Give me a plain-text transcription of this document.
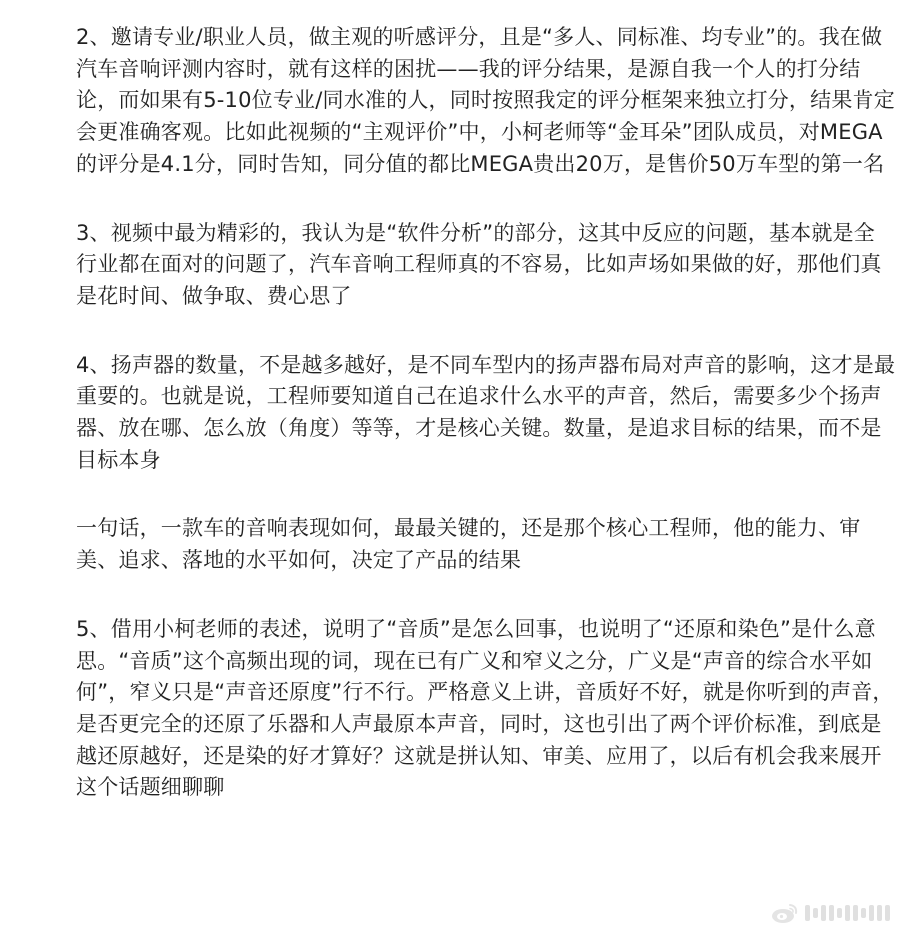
2、邀请专业/职业人员，做主观的听感评分，且是“多人、同标准、均专业”的。我在做汽车音响评测内容时，就有这样的困扰——我的评分结果，是源自我一个人的打分结论，而如果有5-10位专业/同水准的人，同时按照我定的评分框架来独立打分，结果肯定会更准确客观。比如此视频的“主观评价”中，小柯老师等“金耳朵”团队成员，对MEGA的评分是4.1分，同时告知，同分值的都比MEGA贵出20万，是售价50万车型的第一名

3、视频中最为精彩的，我认为是“软件分析”的部分，这其中反应的问题，基本就是全行业都在面对的问题了，汽车音响工程师真的不容易，比如声场如果做的好，那他们真是花时间、做争取、费心思了

4、扬声器的数量，不是越多越好，是不同车型内的扬声器布局对声音的影响，这才是最重要的。也就是说，工程师要知道自己在追求什么水平的声音，然后，需要多少个扬声器、放在哪、怎么放（角度）等等，才是核心关键。数量，是追求目标的结果，而不是目标本身

一句话，一款车的音响表现如何，最最关键的，还是那个核心工程师，他的能力、审美、追求、落地的水平如何，决定了产品的结果

5、借用小柯老师的表述，说明了“音质”是怎么回事，也说明了“还原和染色”是什么意思。“音质”这个高频出现的词，现在已有广义和窄义之分，广义是“声音的综合水平如何”，窄义只是“声音还原度”行不行。严格意义上讲，音质好不好，就是你听到的声音，是否更完全的还原了乐器和人声最原本声音，同时，这也引出了两个评价标准，到底是越还原越好，还是染的好才算好？这就是拼认知、审美、应用了，以后有机会我来展开这个话题细聊聊
